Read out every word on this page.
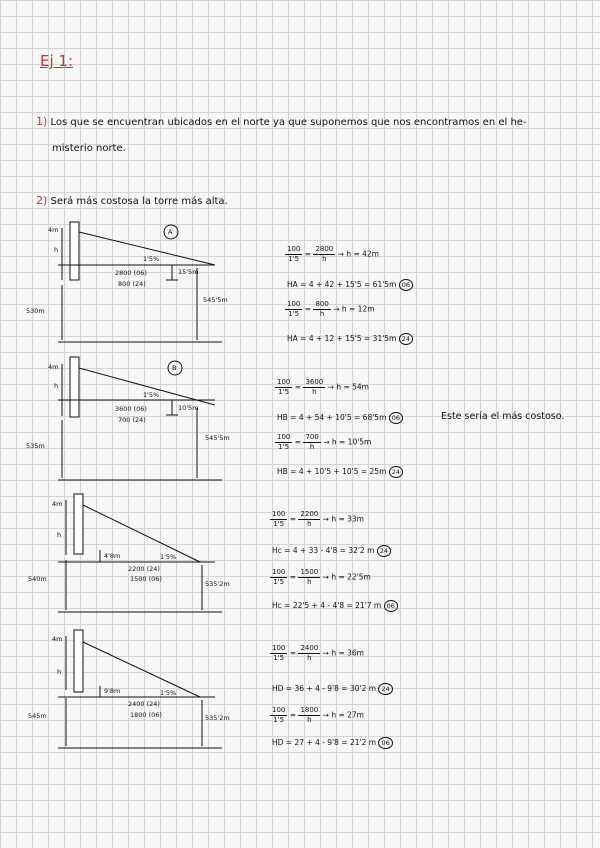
Ej 1:
1) Los que se encuentran ubicados en el norte ya que suponemos que nos encontramos en el he-
misterio norte.
2) Será más costosa la torre más alta.
4m
h
530m
A
1'5%
2800 (06)
800 (24)
15'5m
545'5m
4m
h
535m
B
1'5%
3600 (06)
700 (24)
10'5m
545'5m
4m
h
540m
4'8m	1'5%
2200 (24)
1500 (06)
535'2m
4m
h
545m
9'8m	1'5%
2400 (24)
1800 (06)	535'2m
$\frac{100}{1'5} = \frac{2800}{h} \to h = 42m$
HA = 4 + 42 + 15'5 = 61'5m 06
$\frac{100}{1'5} = \frac{800}{h} \to h = 12m$
HA = 4 + 12 + 15'5 = 31'5m 24
$\frac{100}{1'5} = \frac{3600}{h} \to h = 54m$
HB = 4 + 54 + 10'5 = 68'5m 06	Este sería el más costoso.
$\frac{100}{1'5} = \frac{700}{h} \to h = 10'5m$
HB = 4 + 10'5 + 10'5 = 25m 24
$\frac{100}{1'5} = \frac{2200}{h} \to h = 33m$
Hc = 4 + 33 - 4'8 = 32'2 m 24
$\frac{100}{1'5} = \frac{1500}{h} \to h = 22'5m$
Hc = 22'5 + 4 - 4'8 = 21'7 m 06
$\frac{100}{1'5} = \frac{2400}{h} \to h = 36m$
HD = 36 + 4 - 9'8 = 30'2 m 24
$\frac{100}{1'5} = \frac{1800}{h} \to h = 27m$
HD = 27 + 4 - 9'8 = 21'2 m 06
